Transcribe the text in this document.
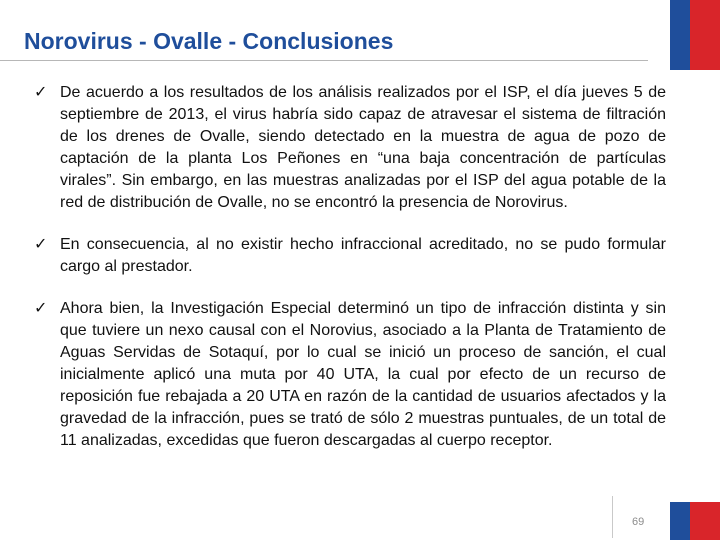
Norovirus - Ovalle - Conclusiones
✓ De acuerdo a los resultados de los análisis realizados por el ISP, el día jueves 5 de septiembre de 2013, el virus habría sido capaz de atravesar el sistema de filtración de los drenes de Ovalle, siendo detectado en la muestra de agua de pozo de captación de la planta Los Peñones en “una baja concentración de partículas virales”. Sin embargo, en las muestras analizadas por el ISP del agua potable de la red de distribución de Ovalle, no se encontró la presencia de Norovirus.
✓ En consecuencia, al no existir hecho infraccional acreditado, no se pudo formular cargo al prestador.
✓ Ahora bien, la Investigación Especial determinó un tipo de infracción distinta y sin que tuviere un nexo causal con el Norovius, asociado a la Planta de Tratamiento de Aguas Servidas de Sotaquí, por lo cual se inició un proceso de sanción, el cual inicialmente aplicó una muta por 40 UTA, la cual por efecto de un recurso de reposición fue rebajada a 20 UTA en razón de la cantidad de usuarios afectados y la gravedad de la infracción, pues se trató de sólo 2 muestras puntuales, de un total de 11 analizadas, excedidas que fueron descargadas al cuerpo receptor.
69
